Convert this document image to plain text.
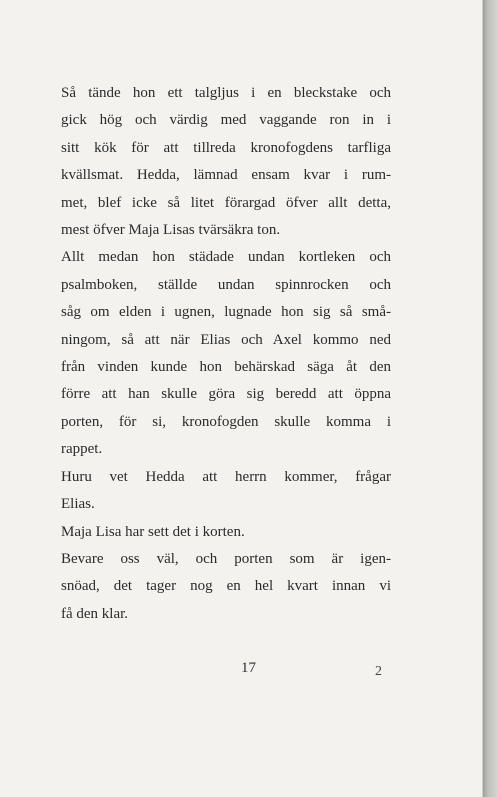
Så tände hon ett talgljus i en bleckstake och
gick hög och värdig med vaggande ron in i
sitt kök för att tillreda kronofogdens tarfliga
kvällsmat. Hedda, lämnad ensam kvar i rum-
met, blef icke så litet förargad öfver allt detta,
mest öfver Maja Lisas tvärsäkra ton.
Allt medan hon städade undan kortleken och
psalmboken, ställde undan spinnrocken och
såg om elden i ugnen, lugnade hon sig så små-
ningom, så att när Elias och Axel kommo ned
från vinden kunde hon behärskad säga åt den
förre att han skulle göra sig beredd att öppna
porten, för si, kronofogden skulle komma i
rappet.
Huru vet Hedda att herrn kommer, frågar
Elias.
Maja Lisa har sett det i korten.
Bevare oss väl, och porten som är igen-
snöad, det tager nog en hel kvart innan vi
få den klar.
17	2
